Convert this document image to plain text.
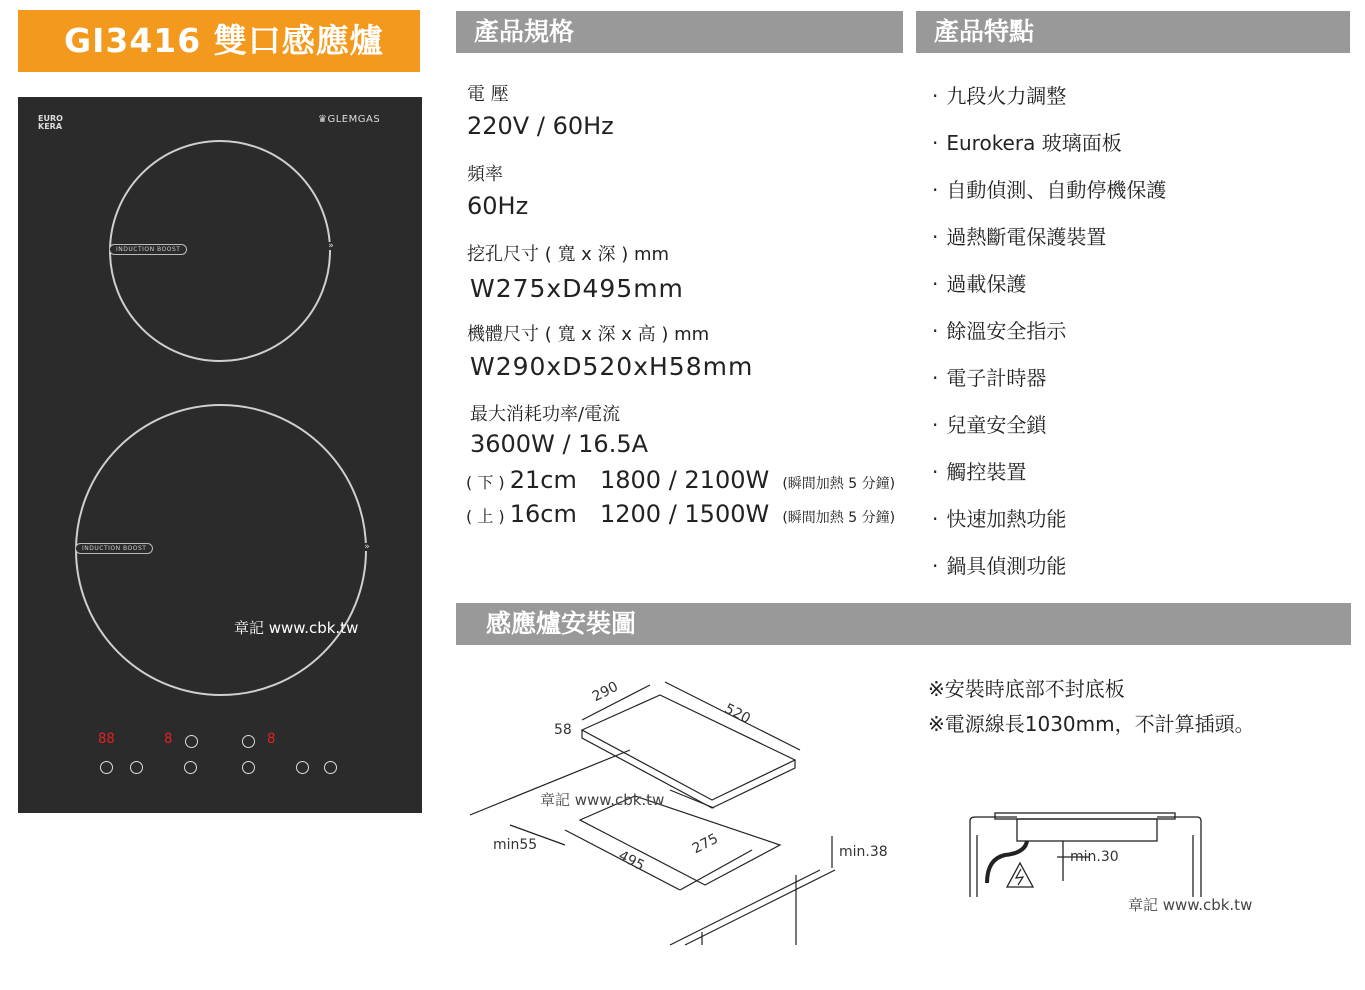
GI3416 雙口感應爐	產品規格	產品特點
感應爐安裝圖
EURO
KERA
♛GLEMGAS
INDUCTION BOOST	»
INDUCTION BOOST	»
章記 www.cbk.tw
88	8	8
電 壓
220V / 60Hz
頻率
60Hz
挖孔尺寸 ( 寬 x 深 ) mm
W275xD495mm
機體尺寸 ( 寬 x 深 x 高 ) mm
W290xD520xH58mm
最大消耗功率/電流
3600W / 16.5A
( 下 ) 21cm 1800 / 2100W (瞬間加熱 5 分鐘)
( 上 ) 16cm 1200 / 1500W (瞬間加熱 5 分鐘)
· 九段火力調整
· Eurokera 玻璃面板
· 自動偵測、自動停機保護
· 過熱斷電保護裝置
· 過載保護
· 餘溫安全指示
· 電子計時器
· 兒童安全鎖
· 觸控裝置
· 快速加熱功能
· 鍋具偵測功能
290
520
58
min55
495
275	min.38
章記 www.cbk.tw
※安裝時底部不封底板
※電源線長1030mm，不計算插頭。
min.30
章記 www.cbk.tw
